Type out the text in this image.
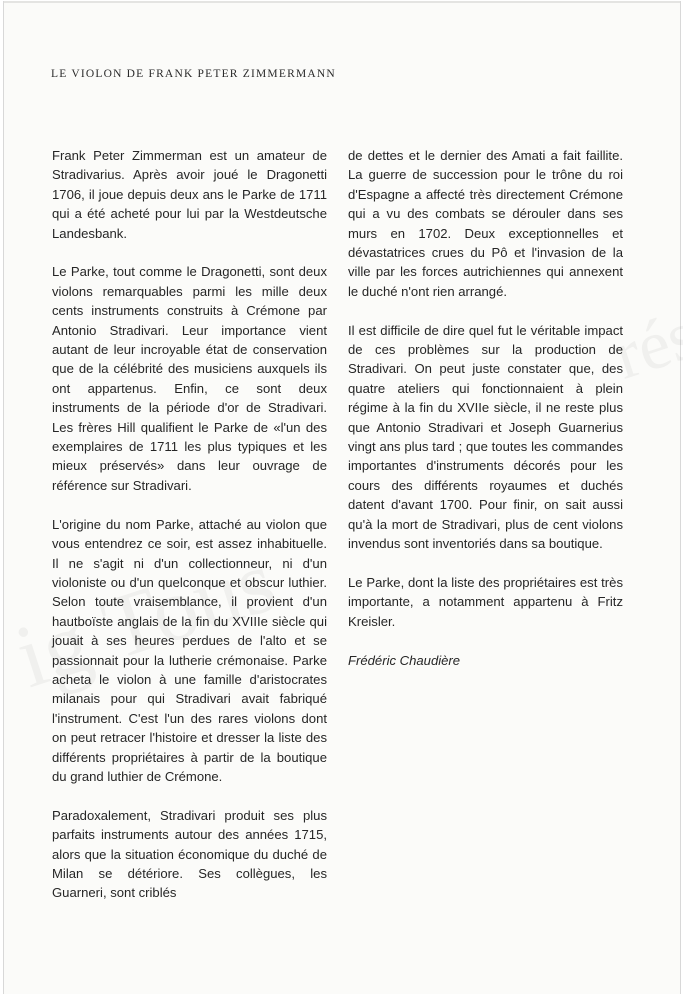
LE VIOLON DE FRANK PETER ZIMMERMANN

Frank Peter Zimmerman est un amateur de Stradivarius. Après avoir joué le Dragonetti 1706, il joue depuis deux ans le Parke de 1711 qui a été acheté pour lui par la Westdeutsche Landesbank.

Le Parke, tout comme le Dragonetti, sont deux violons remarquables parmi les mille deux cents instruments construits à Crémone par Antonio Stradivari. Leur importance vient autant de leur incroyable état de conservation que de la célébrité des musiciens auxquels ils ont appartenus. Enfin, ce sont deux instruments de la période d'or de Stradivari. Les frères Hill qualifient le Parke de «l'un des exemplaires de 1711 les plus typiques et les mieux préservés» dans leur ouvrage de référence sur Stradivari.

L'origine du nom Parke, attaché au violon que vous entendrez ce soir, est assez inhabituelle. Il ne s'agit ni d'un collectionneur, ni d'un violoniste ou d'un quelconque et obscur luthier. Selon toute vraisemblance, il provient d'un hautboïste anglais de la fin du XVIIIe siècle qui jouait à ses heures perdues de l'alto et se passionnait pour la lutherie crémonaise. Parke acheta le violon à une famille d'aristocrates milanais pour qui Stradivari avait fabriqué l'instrument. C'est l'un des rares violons dont on peut retracer l'histoire et dresser la liste des différents propriétaires à partir de la boutique du grand luthier de Crémone.

Paradoxalement, Stradivari produit ses plus parfaits instruments autour des années 1715, alors que la situation économique du duché de Milan se détériore. Ses collègues, les Guarneri, sont criblés

de dettes et le dernier des Amati a fait faillite. La guerre de succession pour le trône du roi d'Espagne a affecté très directement Crémone qui a vu des combats se dérouler dans ses murs en 1702. Deux exceptionnelles et dévastatrices crues du Pô et l'invasion de la ville par les forces autrichiennes qui annexent le duché n'ont rien arrangé.

Il est difficile de dire quel fut le véritable impact de ces problèmes sur la production de Stradivari. On peut juste constater que, des quatre ateliers qui fonctionnaient à plein régime à la fin du XVIIe siècle, il ne reste plus que Antonio Stradivari et Joseph Guarnerius vingt ans plus tard ; que toutes les commandes importantes d'instruments décorés pour les cours des différents royaumes et duchés datent d'avant 1700. Pour finir, on sait aussi qu'à la mort de Stradivari, plus de cent violons invendus sont inventoriés dans sa boutique.

Le Parke, dont la liste des propriétaires est très importante, a notamment appartenu à Fritz Kreisler.

Frédéric Chaudière
